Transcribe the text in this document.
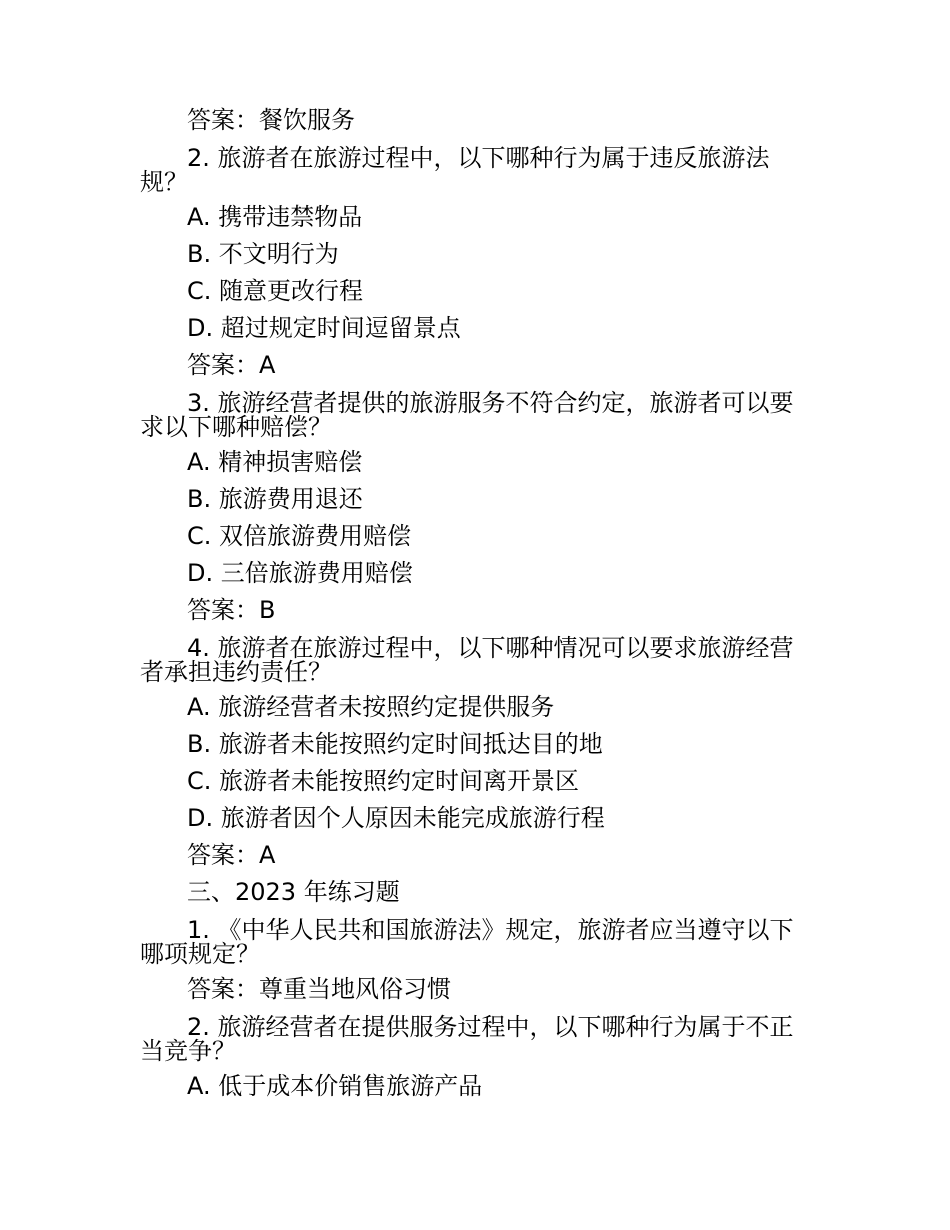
答案：餐饮服务
2. 旅游者在旅游过程中，以下哪种行为属于违反旅游法
规？
A. 携带违禁物品
B. 不文明行为
C. 随意更改行程
D. 超过规定时间逗留景点
答案：A
3. 旅游经营者提供的旅游服务不符合约定，旅游者可以要
求以下哪种赔偿？
A. 精神损害赔偿
B. 旅游费用退还
C. 双倍旅游费用赔偿
D. 三倍旅游费用赔偿
答案：B
4. 旅游者在旅游过程中，以下哪种情况可以要求旅游经营
者承担违约责任？
A. 旅游经营者未按照约定提供服务
B. 旅游者未能按照约定时间抵达目的地
C. 旅游者未能按照约定时间离开景区
D. 旅游者因个人原因未能完成旅游行程
答案：A
三、2023 年练习题
1. 《中华人民共和国旅游法》规定，旅游者应当遵守以下
哪项规定？
答案：尊重当地风俗习惯
2. 旅游经营者在提供服务过程中，以下哪种行为属于不正
当竞争？
A. 低于成本价销售旅游产品
